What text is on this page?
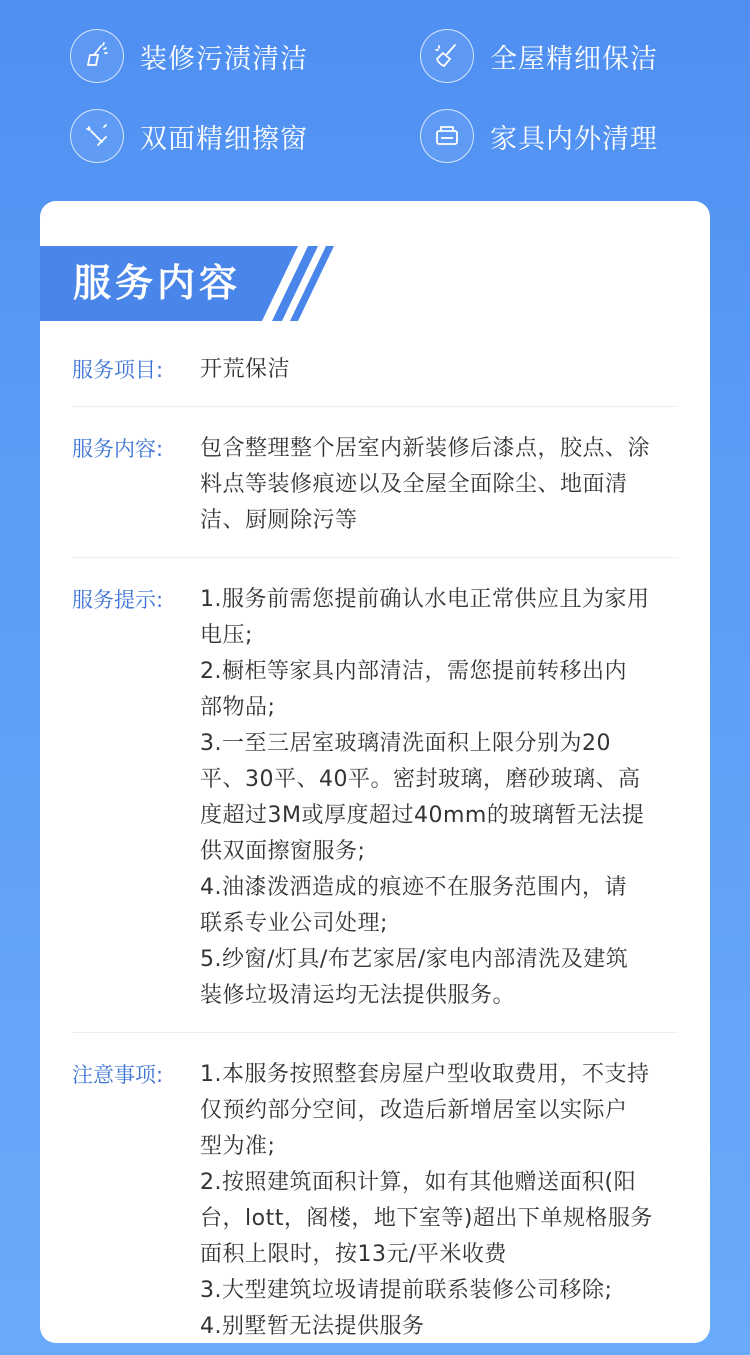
装修污渍清洁	全屋精细保洁
双面精细擦窗	家具内外清理
服务内容
服务项目:	开荒保洁
服务内容:	包含整理整个居室内新装修后漆点，胶点、涂
料点等装修痕迹以及全屋全面除尘、地面清
洁、厨厕除污等
服务提示:	1.服务前需您提前确认水电正常供应且为家用
电压;
2.橱柜等家具内部清洁，需您提前转移出内
部物品;
3.一至三居室玻璃清洗面积上限分别为20
平、30平、40平。密封玻璃，磨砂玻璃、高
度超过3M或厚度超过40mm的玻璃暂无法提
供双面擦窗服务;
4.油漆泼洒造成的痕迹不在服务范围内，请
联系专业公司处理;
5.纱窗/灯具/布艺家居/家电内部清洗及建筑
装修垃圾清运均无法提供服务。
注意事项:	1.本服务按照整套房屋户型收取费用，不支持
仅预约部分空间，改造后新增居室以实际户
型为准;
2.按照建筑面积计算，如有其他赠送面积(阳
台，lott，阁楼，地下室等)超出下单规格服务
面积上限时，按13元/平米收费
3.大型建筑垃圾请提前联系装修公司移除;
4.别墅暂无法提供服务
